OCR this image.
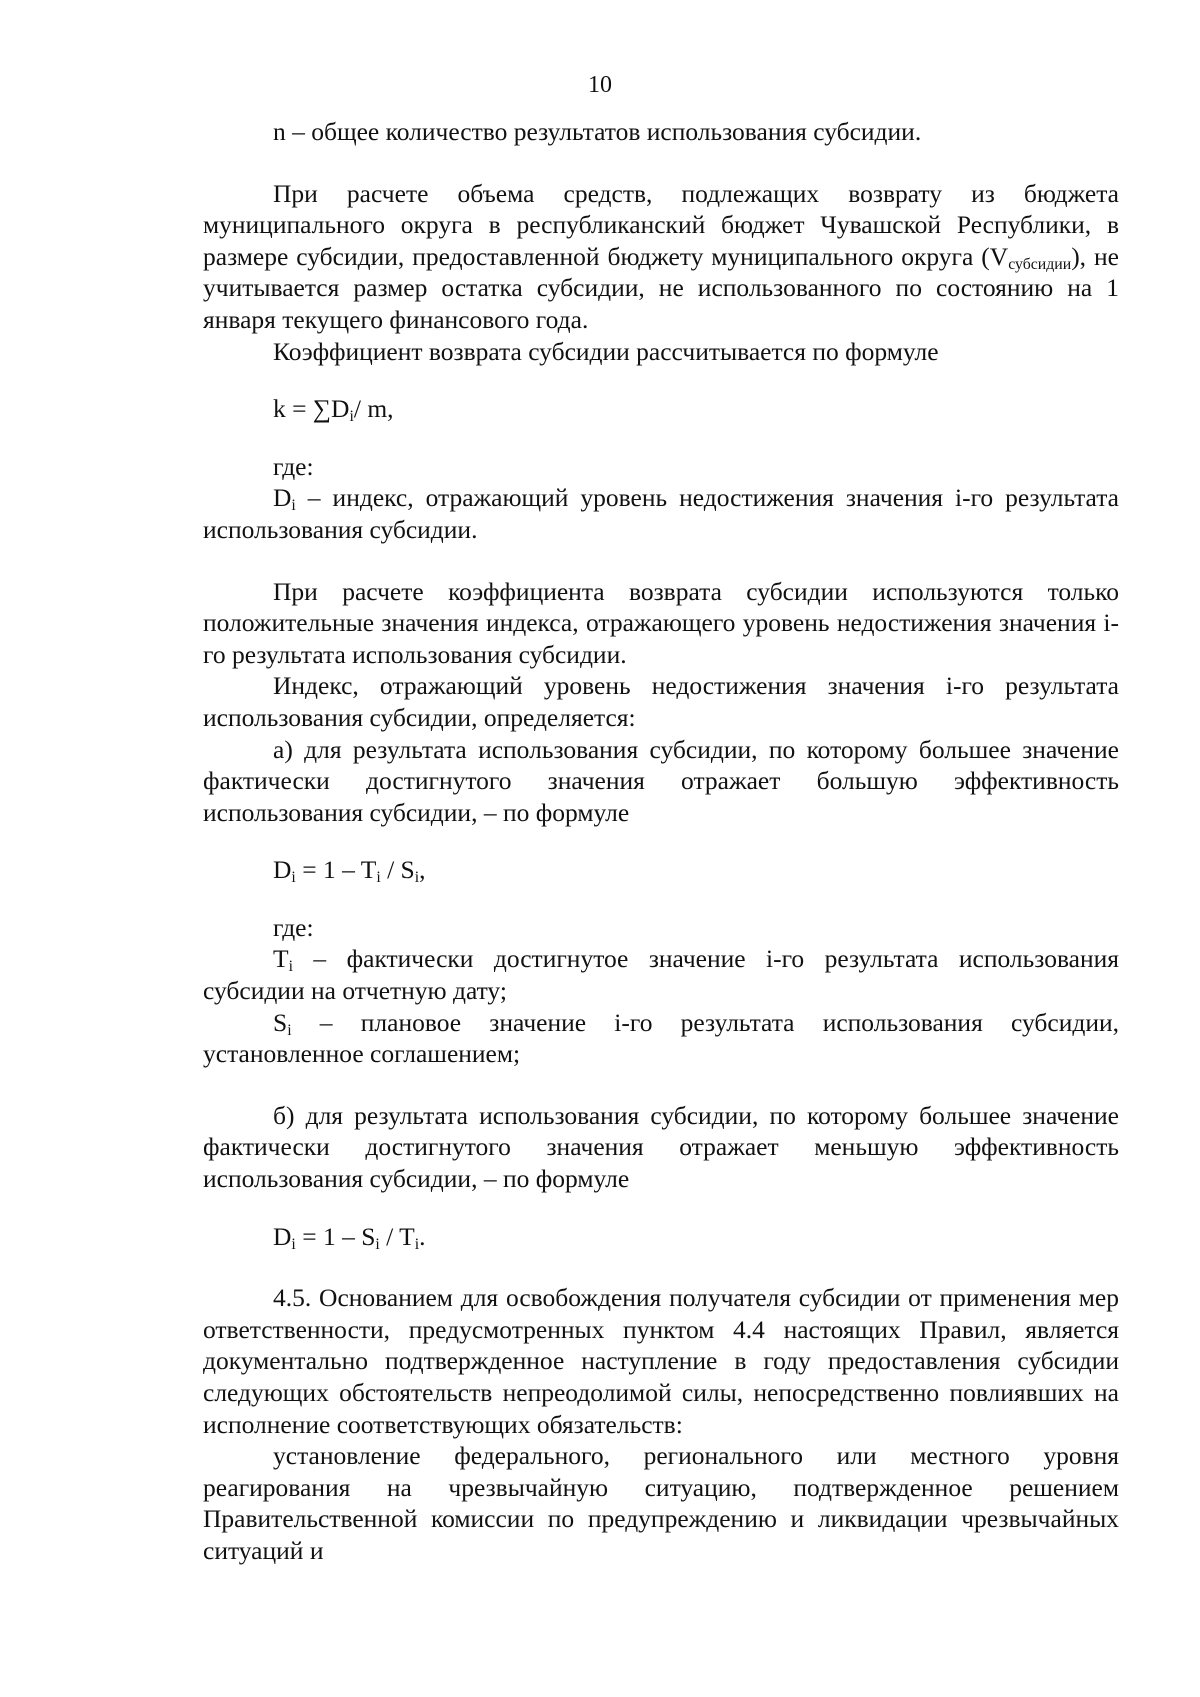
10

n – общее количество результатов использования субсидии.

При расчете объема средств, подлежащих возврату из бюджета муниципального округа в республиканский бюджет Чувашской Республики, в размере субсидии, предоставленной бюджету муниципального округа $(V_{субсидии})$, не учитывается размер остатка субсидии, не использованного по состоянию на 1 января текущего финансового года.

Коэффициент возврата субсидии рассчитывается по формуле

$k = \sum D_i/$ m,

где:

$D_i$ – индекс, отражающий уровень недостижения значения i-го результата использования субсидии.

При расчете коэффициента возврата субсидии используются только положительные значения индекса, отражающего уровень недостижения значения i-го результата использования субсидии.

Индекс, отражающий уровень недостижения значения i-го результата использования субсидии, определяется:

а) для результата использования субсидии, по которому большее значение фактически достигнутого значения отражает большую эффективность использования субсидии, – по формуле

$D_i = 1 - T_i / S_i$,

где:

$T_i$ – фактически достигнутое значение i-го результата использования субсидии на отчетную дату;

$S_i$ – плановое значение i-го результата использования субсидии, установленное соглашением;

б) для результата использования субсидии, по которому большее значение фактически достигнутого значения отражает меньшую эффективность использования субсидии, – по формуле

$D_i = 1 - S_i / T_i$.

4.5. Основанием для освобождения получателя субсидии от применения мер ответственности, предусмотренных пунктом 4.4 настоящих Правил, является документально подтвержденное наступление в году предоставления субсидии следующих обстоятельств непреодолимой силы, непосредственно повлиявших на исполнение соответствующих обязательств:

установление федерального, регионального или местного уровня реагирования на чрезвычайную ситуацию, подтвержденное решением Правительственной комиссии по предупреждению и ликвидации чрезвычайных ситуаций и
